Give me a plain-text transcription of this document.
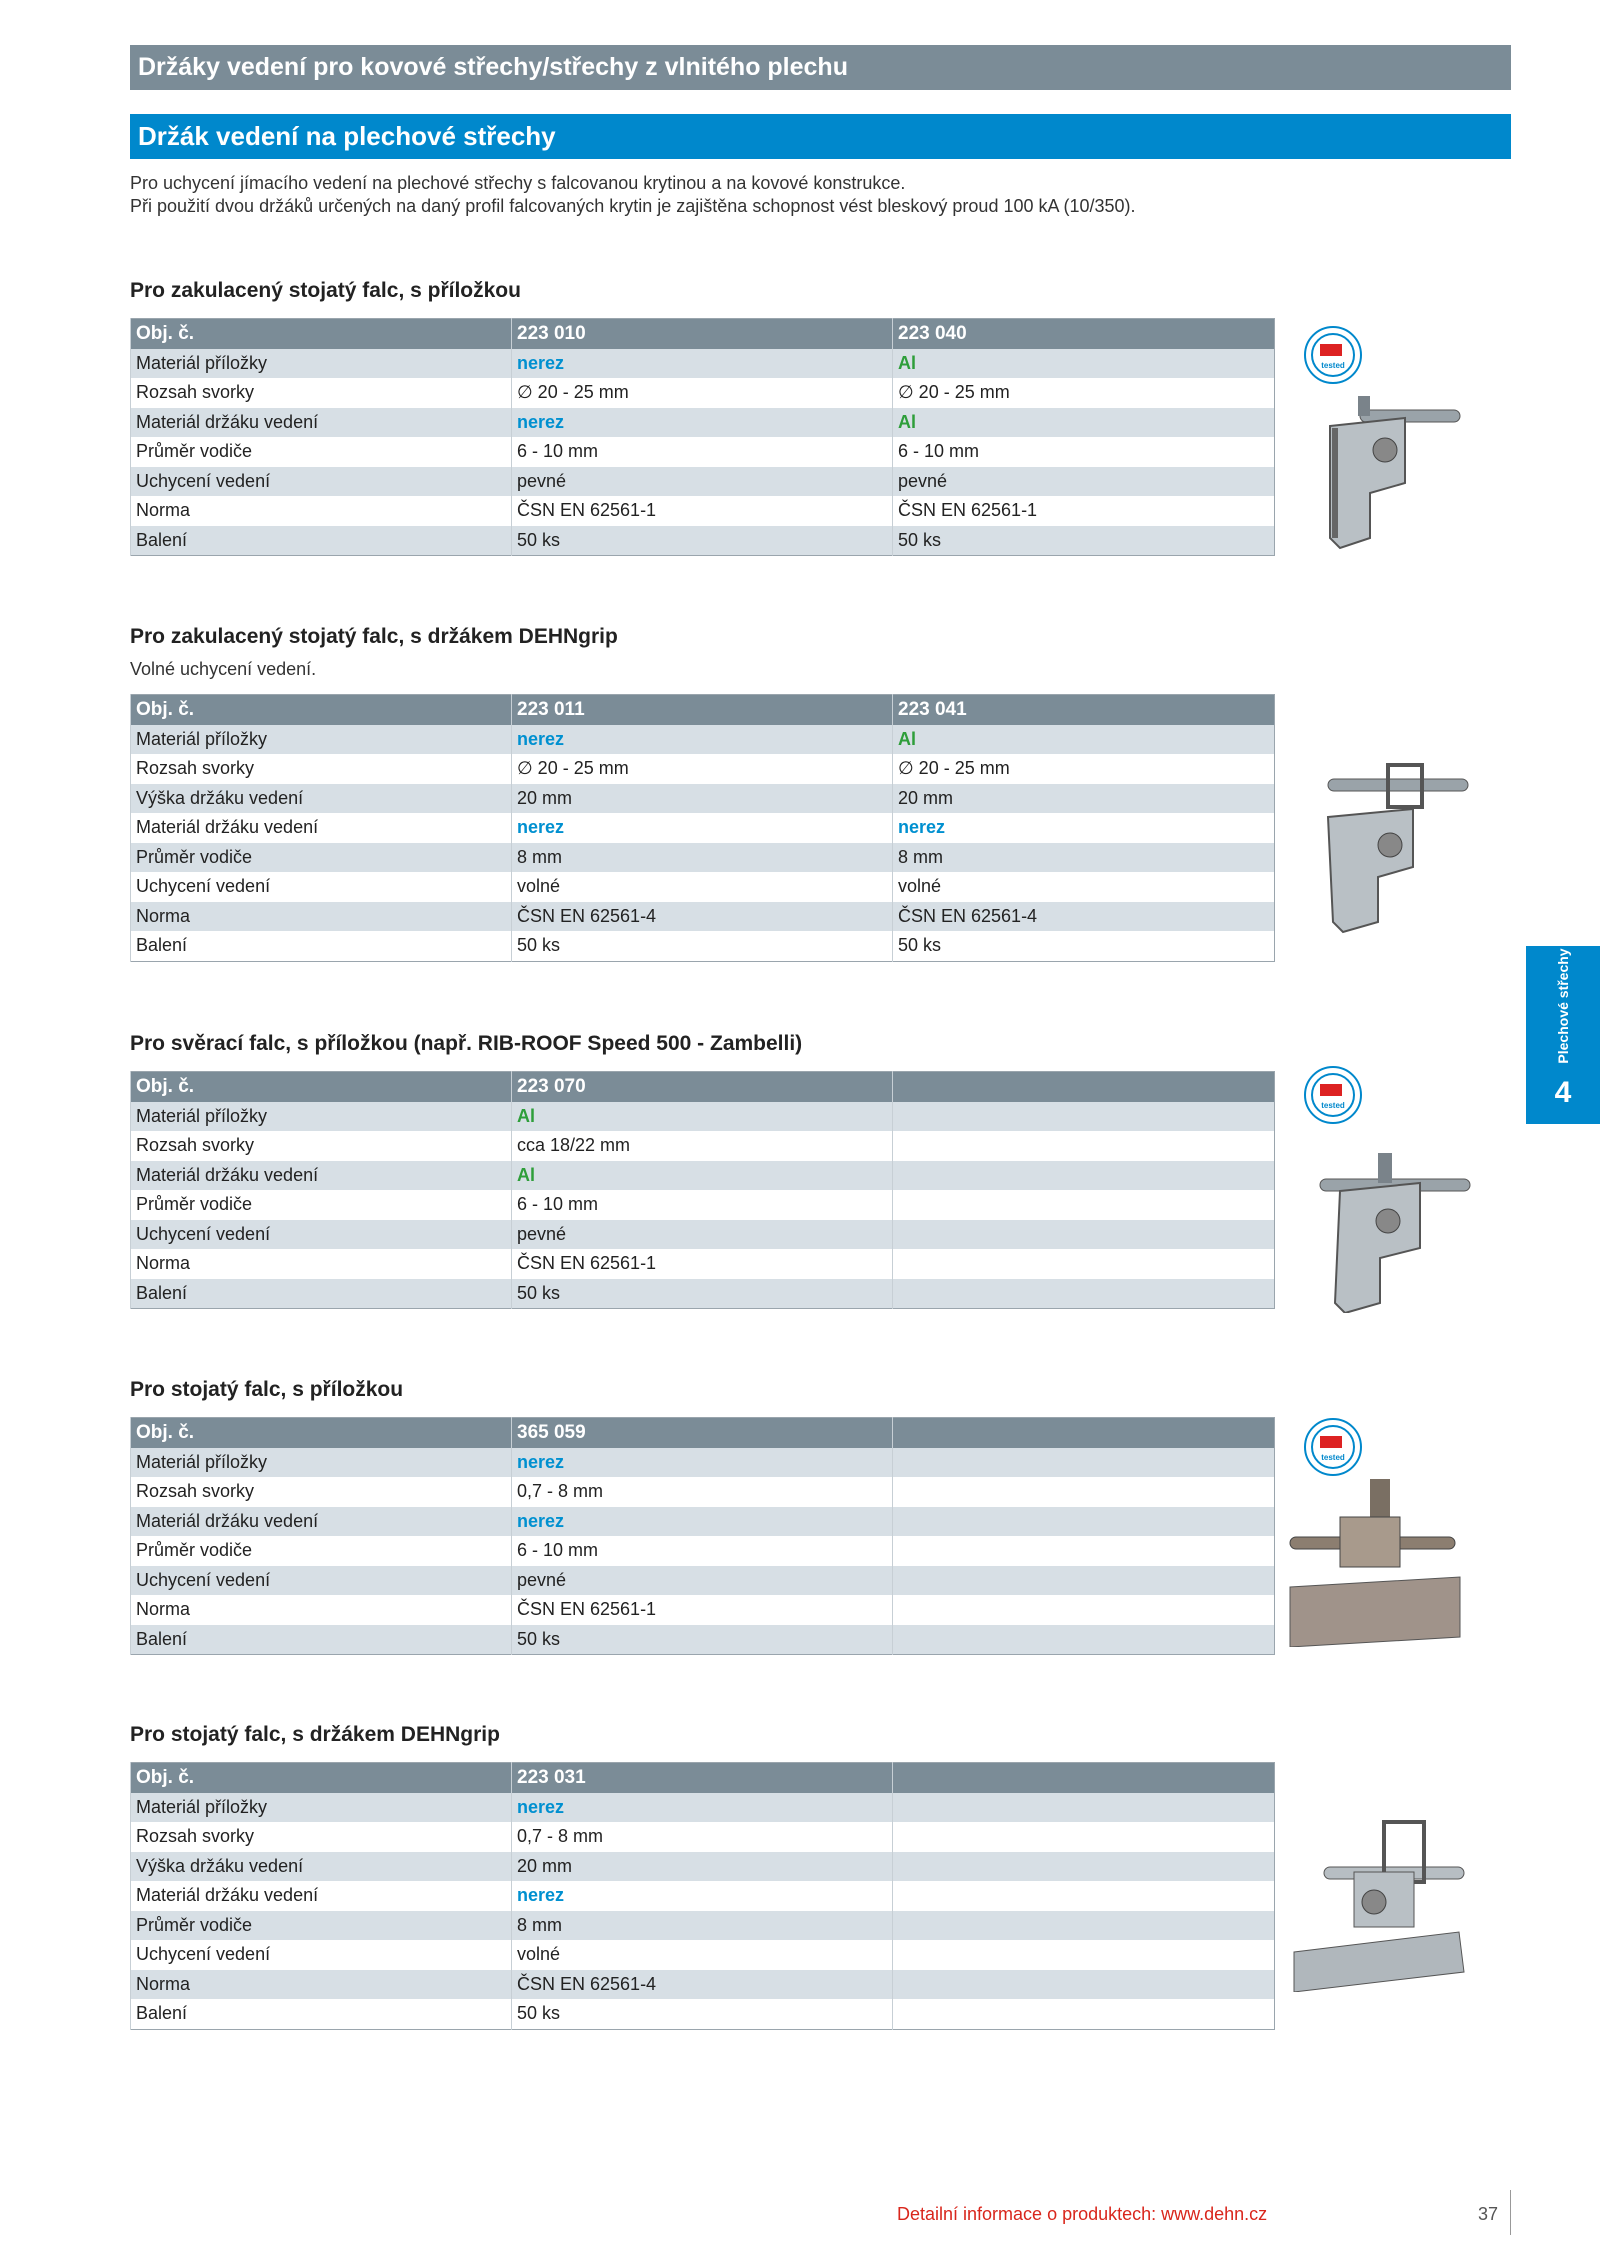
Držáky vedení pro kovové střechy/střechy z vlnitého plechu
Držák vedení na plechové střechy
Pro uchycení jímacího vedení na plechové střechy s falcovanou krytinou a na kovové konstrukce.
Při použití dvou držáků určených na daný profil falcovaných krytin je zajištěna schopnost vést bleskový proud 100 kA (10/350).
Pro zakulacený stojatý falc, s příložkou
Obj. č.	223 010	223 040
Materiál příložky	nerez	Al
Rozsah svorky	∅ 20 - 25 mm	∅ 20 - 25 mm
Materiál držáku vedení	nerez	Al
Průměr vodiče	6 - 10 mm	6 - 10 mm
Uchycení vedení	pevné	pevné
Norma	ČSN EN 62561-1	ČSN EN 62561-1
Balení	50 ks	50 ks
Pro zakulacený stojatý falc, s držákem DEHNgrip
Volné uchycení vedení.
Obj. č.	223 011	223 041
Materiál příložky	nerez	Al
Rozsah svorky	∅ 20 - 25 mm	∅ 20 - 25 mm
Výška držáku vedení	20 mm	20 mm
Materiál držáku vedení	nerez	nerez
Průměr vodiče	8 mm	8 mm
Uchycení vedení	volné	volné
Norma	ČSN EN 62561-4	ČSN EN 62561-4
Balení	50 ks	50 ks
Pro svěrací falc, s příložkou (např. RIB-ROOF Speed 500 - Zambelli)
Obj. č.	223 070	
Materiál příložky	Al	
Rozsah svorky	cca 18/22 mm	
Materiál držáku vedení	Al	
Průměr vodiče	6 - 10 mm	
Uchycení vedení	pevné	
Norma	ČSN EN 62561-1	
Balení	50 ks	
Pro stojatý falc, s příložkou
Obj. č.	365 059	
Materiál příložky	nerez	
Rozsah svorky	0,7 - 8 mm	
Materiál držáku vedení	nerez	
Průměr vodiče	6 - 10 mm	
Uchycení vedení	pevné	
Norma	ČSN EN 62561-1	
Balení	50 ks	
Pro stojatý falc, s držákem DEHNgrip
Obj. č.	223 031	
Materiál příložky	nerez	
Rozsah svorky	0,7 - 8 mm	
Výška držáku vedení	20 mm	
Materiál držáku vedení	nerez	
Průměr vodiče	8 mm	
Uchycení vedení	volné	
Norma	ČSN EN 62561-4	
Balení	50 ks	
tested
tested
tested
Plechové střechy
4
Detailní informace o produktech: www.dehn.cz	37
